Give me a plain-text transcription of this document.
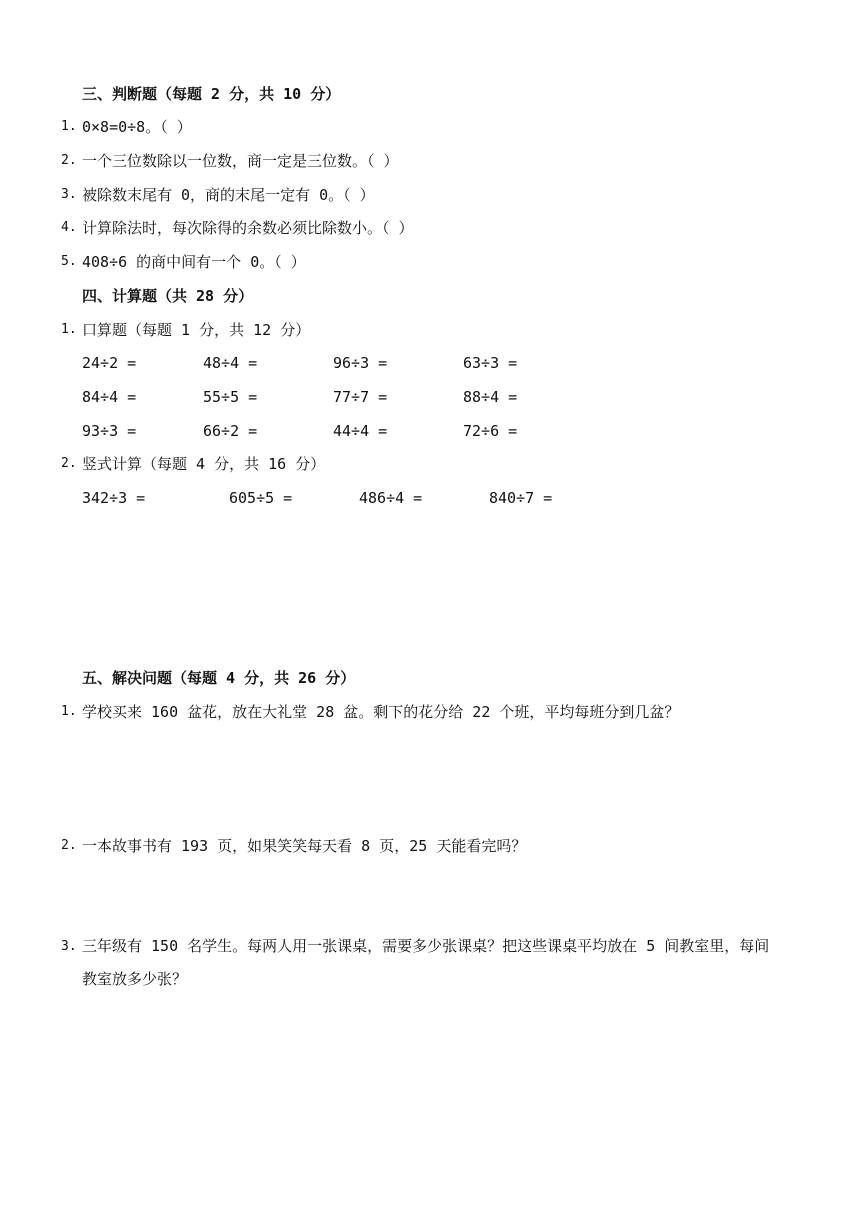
三、判断题（每题 2 分，共 10 分）
1. 0×8=0÷8。（ ）
2. 一个三位数除以一位数，商一定是三位数。（ ）
3. 被除数末尾有 0，商的末尾一定有 0。（ ）
4. 计算除法时，每次除得的余数必须比除数小。（ ）
5. 408÷6 的商中间有一个 0。（ ）
四、计算题（共 28 分）
1. 口算题（每题 1 分，共 12 分）
24÷2 =	48÷4 =	96÷3 =	63÷3 =
84÷4 =	55÷5 =	77÷7 =	88÷4 =
93÷3 =	66÷2 =	44÷4 =	72÷6 =
2. 竖式计算（每题 4 分，共 16 分）
342÷3 =	605÷5 =	486÷4 =	840÷7 =
五、解决问题（每题 4 分，共 26 分）
1. 学校买来 160 盆花，放在大礼堂 28 盆。剩下的花分给 22 个班，平均每班分到几盆？
2. 一本故事书有 193 页，如果笑笑每天看 8 页，25 天能看完吗？
3. 三年级有 150 名学生。每两人用一张课桌，需要多少张课桌？把这些课桌平均放在 5 间教室里，每间教室放多少张？
